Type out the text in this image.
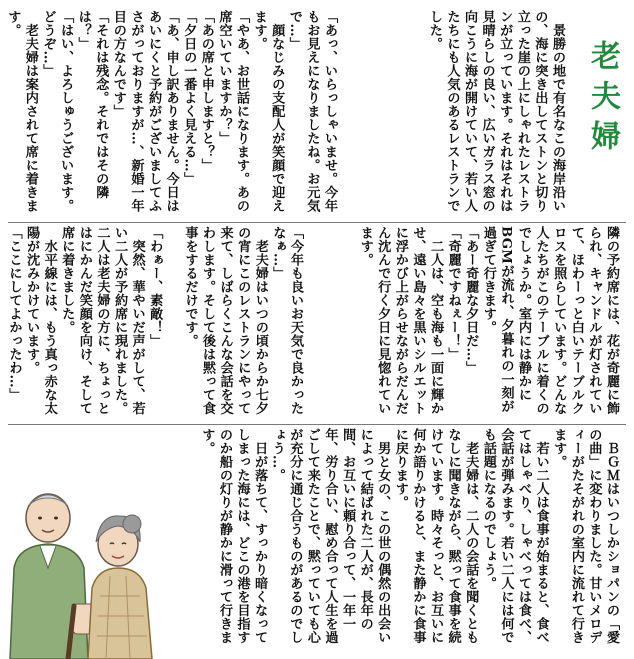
老夫婦
　景勝の地で有名なこの海岸沿いの、海に突き出してストンと切り立った崖の上にしゃれたレストランが立っています。それはそれは見晴らしの良い、広いガラス窓の向こうに海が開けていて、若い人たちにも人気のあるレストランでした。
「あっ、いらっしゃいませ。今年もお見えになりましたね。お元気で…」
　顔なじみの支配人が笑顔で迎えます。
「やあ、お世話になります。あの席空いていますか？」
「あの席と申しますと？」
「夕日の一番よく見える…」
「あ、申し訳ありません。今日はあいにくと予約がございましてふさがっておりますが…、新婚一年目の方なんです」
「それは残念。それではその隣は？」
「はい、よろしゅうございます。どうぞ…」
　老夫婦は案内されて席に着きます。
隣の予約席には、花が奇麗に飾られ、キャンドルが灯されていて、ほわーっと白いテーブルクロスを照らしています。どんな人たちがこのテーブルに着くのでしょうか。室内には静かにBGMが流れ、夕暮れの一刻が過ぎて行きます。
「あー奇麗な夕日だ…」
「奇麗ですねぇー！」
　二人は、空も海も一面に輝かせ、遠い島々を黒いシルエットに浮かび上がらせながらだんだん沈んで行く夕日に見惚れています。
「今年も良いお天気で良かったなぁ…」
　老夫婦はいつの頃からか七夕の宵にこのレストランにやって来て、しばらくこんな会話を交わします。そして後は黙って食事をするだけです。

「わぁー、素敵！」
　突然、華やいだ声がして、若い二人が予約席に現れました。二人は老夫婦の方に、ちょっとはにかんだ笑顔を向け、そして席に着きました。
　水平線には、もう真っ赤な太陽が沈みかけています。
「ここにしてよかったわ…」
　ＢＧＭはいつしかショパンの「愛の曲」に変わりました。甘いメロディーがたそがれの室内に流れて行きます。
　若い二人は食事が始まると、食べてはしゃべり、しゃべっては食べ、会話が弾みます。若い二人には何でも話題になるのでしょう。
　老夫婦は、二人の会話を聞くともなしに聞きながら、黙って食事を続けています。時々そっと、お互いに何か語りかけると、また静かに食事に戻ります。
　男と女の、この世の偶然の出会いによって結ばれた二人が、長年の間、お互いに頼り合って、一年一年、労り合い、慰め合って人生を過ごして来たことで、黙っていても心が充分に通じ合うものがあるのでしょう…。
　日が落ちて、すっかり暗くなってしまった海には、どこの港を目指すのか船の灯りが静かに滑って行きます。
